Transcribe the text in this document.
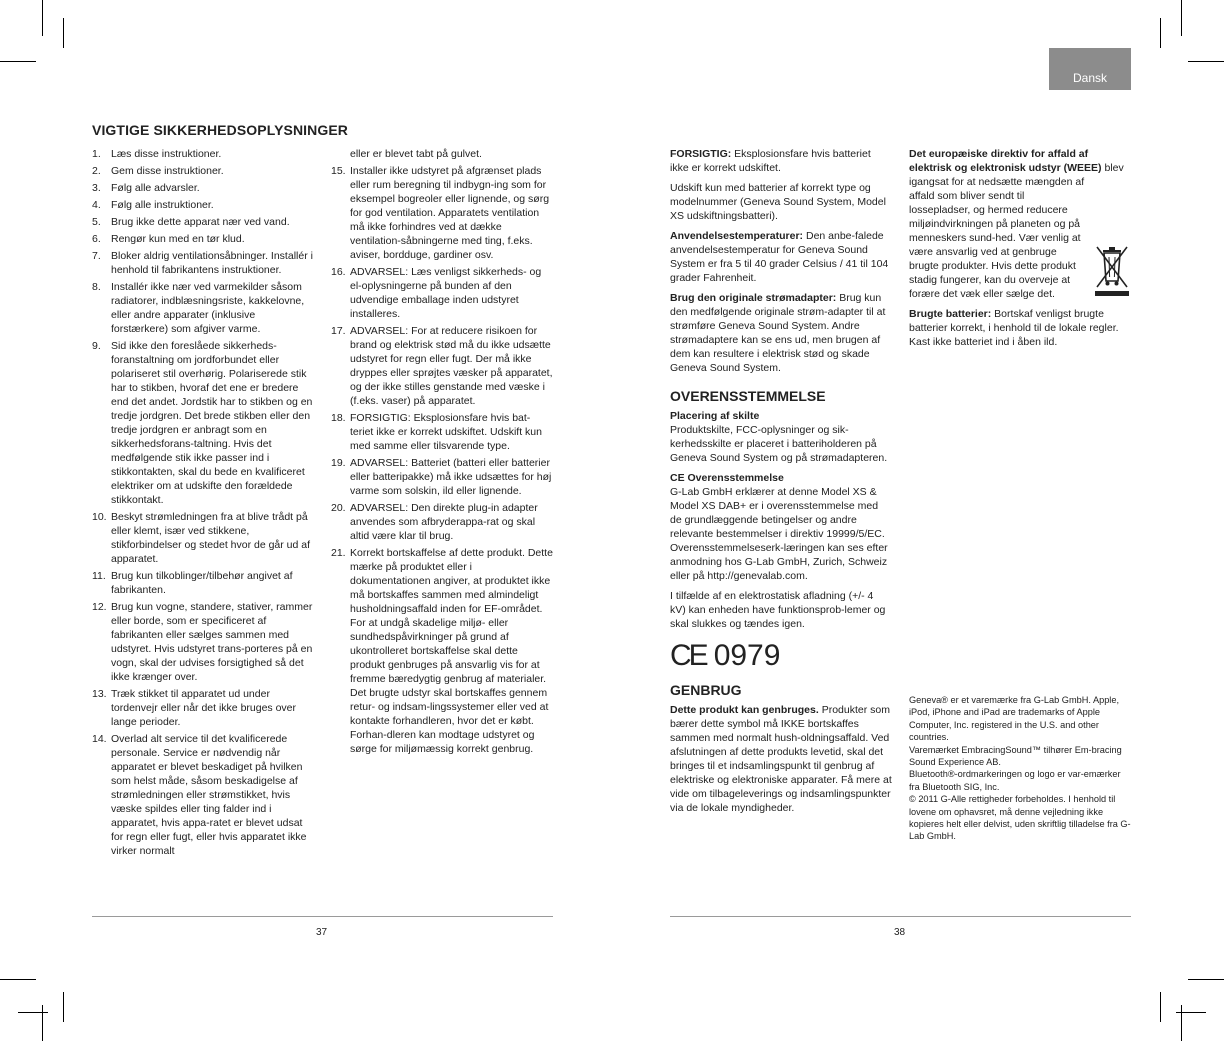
Dansk
VIGTIGE SIKKERHEDSOPLYSNINGER
1. Læs disse instruktioner.
2. Gem disse instruktioner.
3. Følg alle advarsler.
4. Følg alle instruktioner.
5. Brug ikke dette apparat nær ved vand.
6. Rengør kun med en tør klud.
7. Bloker aldrig ventilationsåbninger. Installér i henhold til fabrikantens instruktioner.
8. Installér ikke nær ved varmekilder såsom radiatorer, indblæsningsriste, kakkelovne, eller andre apparater (inklusive forstærkere) som afgiver varme.
9. Sid ikke den foreslåede sikkerheds-foranstaltning om jordforbundet eller polariseret stil overhørig. Polariserede stik har to stikben, hvoraf det ene er bredere end det andet. Jordstik har to stikben og en tredje jordgren. Det brede stikben eller den tredje jordgren er anbragt som en sikkerhedsforans-taltning. Hvis det medfølgende stik ikke passer ind i stikkontakten, skal du bede en kvalificeret elektriker om at udskifte den forældede stikkontakt.
10. Beskyt strømledningen fra at blive trådt på eller klemt, især ved stikkene, stikforbindelser og stedet hvor de går ud af apparatet.
11. Brug kun tilkoblinger/tilbehør angivet af fabrikanten.
12. Brug kun vogne, standere, stativer, rammer eller borde, som er specificeret af fabrikanten eller sælges sammen med udstyret. Hvis udstyret trans-porteres på en vogn, skal der udvises forsigtighed så det ikke krænger over.
13. Træk stikket til apparatet ud under tordenvejr eller når det ikke bruges over lange perioder.
14. Overlad alt service til det kvalificerede personale. Service er nødvendig når apparatet er blevet beskadiget på hvilken som helst måde, såsom beskadigelse af strømledningen eller strømstikket, hvis væske spildes eller ting falder ind i apparatet, hvis appa-ratet er blevet udsat for regn eller fugt, eller hvis apparatet ikke virker normalt
eller er blevet tabt på gulvet.
15. Installer ikke udstyret på afgrænset plads eller rum beregning til indbygn-ing som for eksempel bogreoler eller lignende, og sørg for god ventilation. Apparatets ventilation må ikke forhindres ved at dække ventilation-såbningerne med ting, f.eks. aviser, bordduge, gardiner osv.
16. ADVARSEL: Læs venligst sikkerheds- og el-oplysningerne på bunden af den udvendige emballage inden udstyret installeres.
17. ADVARSEL: For at reducere risikoen for brand og elektrisk stød må du ikke udsætte udstyret for regn eller fugt. Der må ikke dryppes eller sprøjtes væsker på apparatet, og der ikke stilles genstande med væske i (f.eks. vaser) på apparatet.
18. FORSIGTIG: Eksplosionsfare hvis bat-teriet ikke er korrekt udskiftet. Udskift kun med samme eller tilsvarende type.
19. ADVARSEL: Batteriet (batteri eller batterier eller batteripakke) må ikke udsættes for høj varme som solskin, ild eller lignende.
20. ADVARSEL: Den direkte plug-in adapter anvendes som afbryderappa-rat og skal altid være klar til brug.
21. Korrekt bortskaffelse af dette produkt. Dette mærke på produktet eller i dokumentationen angiver, at produktet ikke må bortskaffes sammen med almindeligt husholdningsaffald inden for EF-området. For at undgå skadelige miljø- eller sundhedspåvirkninger på grund af ukontrolleret bortskaffelse skal dette produkt genbruges på ansvarlig vis for at fremme bæredygtig genbrug af materialer. Det brugte udstyr skal bortskaffes gennem retur- og indsam-lingssystemer eller ved at kontakte forhandleren, hvor det er købt. Forhan-dleren kan modtage udstyret og sørge for miljømæssig korrekt genbrug.

FORSIGTIG: Eksplosionsfare hvis batteriet ikke er korrekt udskiftet.

Udskift kun med batterier af korrekt type og modelnummer (Geneva Sound System, Model XS udskiftningsbatteri).

Anvendelsestemperaturer: Den anbe-falede anvendelsestemperatur for Geneva Sound System er fra 5 til 40 grader Celsius / 41 til 104 grader Fahrenheit.

Brug den originale strømadapter: Brug kun den medfølgende originale strøm-adapter til at strømføre Geneva Sound System. Andre strømadaptere kan se ens ud, men brugen af dem kan resultere i elektrisk stød og skade Geneva Sound System.

OVERENSSTEMMELSE

Placering af skilte
Produktskilte, FCC-oplysninger og sik-kerhedsskilte er placeret i batteriholderen på Geneva Sound System og på strømadapteren.

CE Overensstemmelse
G-Lab GmbH erklærer at denne Model XS & Model XS DAB+ er i overensstemmelse med de grundlæggende betingelser og andre relevante bestemmelser i direktiv 19999/5/EC. Overensstemmelseserk-læringen kan ses efter anmodning hos G-Lab GmbH, Zurich, Schweiz eller på http://genevalab.com.

I tilfælde af en elektrostatisk afladning (+/- 4 kV) kan enheden have funktionsprob-lemer og skal slukkes og tændes igen.

CE 0979
GENBRUG

Dette produkt kan genbruges. Produkter som bærer dette symbol må IKKE bortskaffes sammen med normalt hush-oldningsaffald. Ved afslutningen af dette produkts levetid, skal det bringes til et indsamlingspunkt til genbrug af elektriske og elektroniske apparater. Få mere at vide om tilbageleverings og indsamlingspunkter via de lokale myndigheder.

Det europæiske direktiv for affald af elektrisk og elektronisk udstyr (WEEE)
blev igangsat for at nedsætte mængden af affald som bliver sendt til lossepladser, og hermed reducere miljøindvirkningen på planeten og på menneskers sund-hed. Vær venlig at være ansvarlig ved at genbruge brugte produkter. Hvis dette produkt stadig fungerer, kan du overveje at forære det væk eller sælge det.

Brugte batterier: Bortskaf venligst brugte batterier korrekt, i henhold til de lokale regler. Kast ikke batteriet ind i åben ild.

Geneva® er et varemærke fra G-Lab GmbH. Apple, iPod, iPhone and iPad are trademarks of Apple Computer, Inc. registered in the U.S. and other countries.

Varemærket EmbracingSound™ tilhører Em-bracing Sound Experience AB.

Bluetooth®-ordmarkeringen og logo er var-emærker fra Bluetooth SIG, Inc.

© 2011 G-Alle rettigheder forbeholdes. I henhold til lovene om ophavsret, må denne vejledning ikke kopieres helt eller delvist, uden skriftlig tilladelse fra G-Lab GmbH.

37	38
